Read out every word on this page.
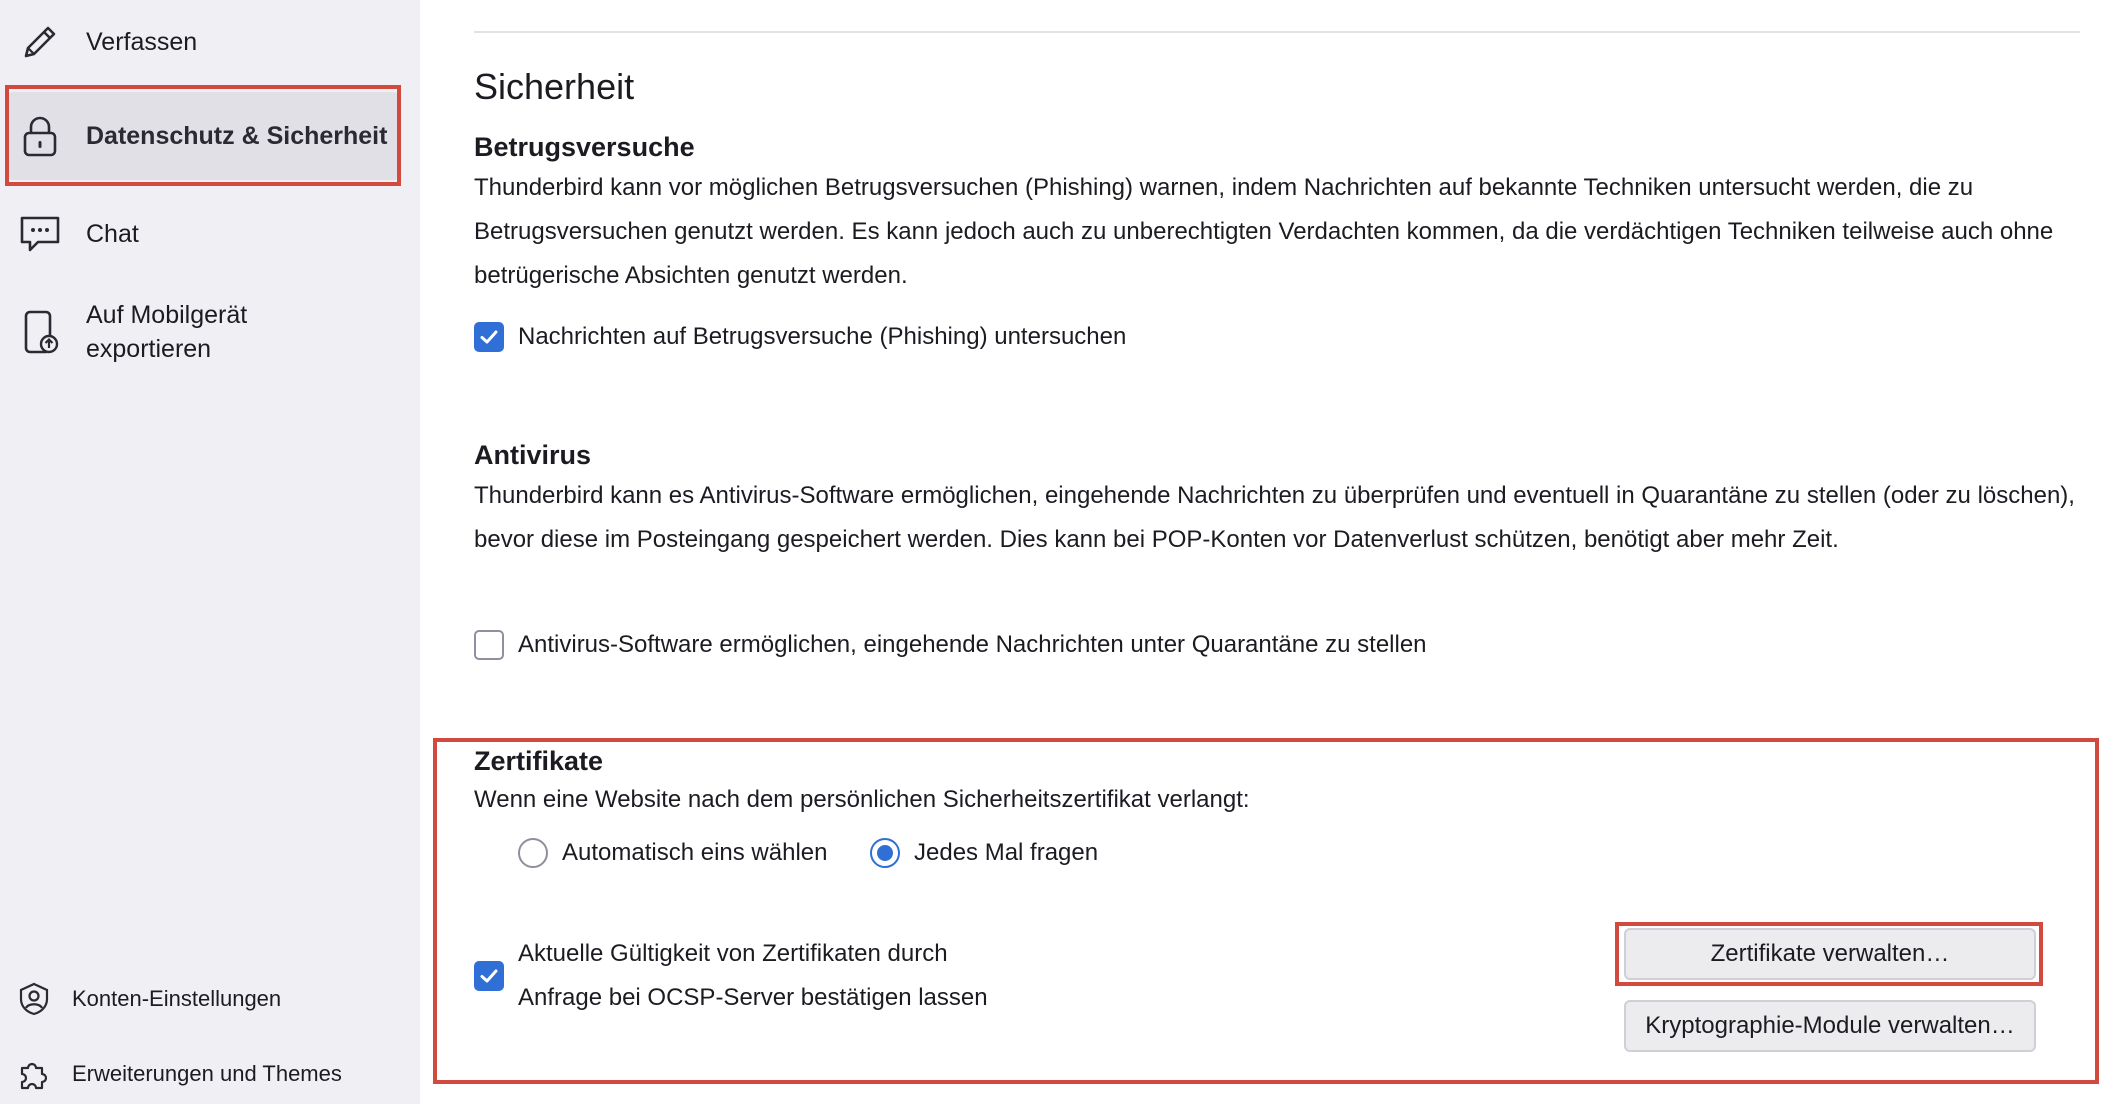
Verfassen
Datenschutz & Sicherheit
Chat
Auf Mobilgerät exportieren
Konten-Einstellungen
Erweiterungen und Themes
Sicherheit
Betrugsversuche
Thunderbird kann vor möglichen Betrugsversuchen (Phishing) warnen, indem Nachrichten auf bekannte Techniken untersucht werden, die zu Betrugsversuchen genutzt werden. Es kann jedoch auch zu unberechtigten Verdachten kommen, da die verdächtigen Techniken teilweise auch ohne betrügerische Absichten genutzt werden.
Nachrichten auf Betrugsversuche (Phishing) untersuchen
Antivirus
Thunderbird kann es Antivirus-Software ermöglichen, eingehende Nachrichten zu überprüfen und eventuell in Quarantäne zu stellen (oder zu löschen), bevor diese im Posteingang gespeichert werden. Dies kann bei POP-Konten vor Datenverlust schützen, benötigt aber mehr Zeit.
Antivirus-Software ermöglichen, eingehende Nachrichten unter Quarantäne zu stellen
Zertifikate
Wenn eine Website nach dem persönlichen Sicherheitszertifikat verlangt:
Automatisch eins wählen	Jedes Mal fragen
Aktuelle Gültigkeit von Zertifikaten durch
Anfrage bei OCSP-Server bestätigen lassen
Zertifikate verwalten…
Kryptographie-Module verwalten…
